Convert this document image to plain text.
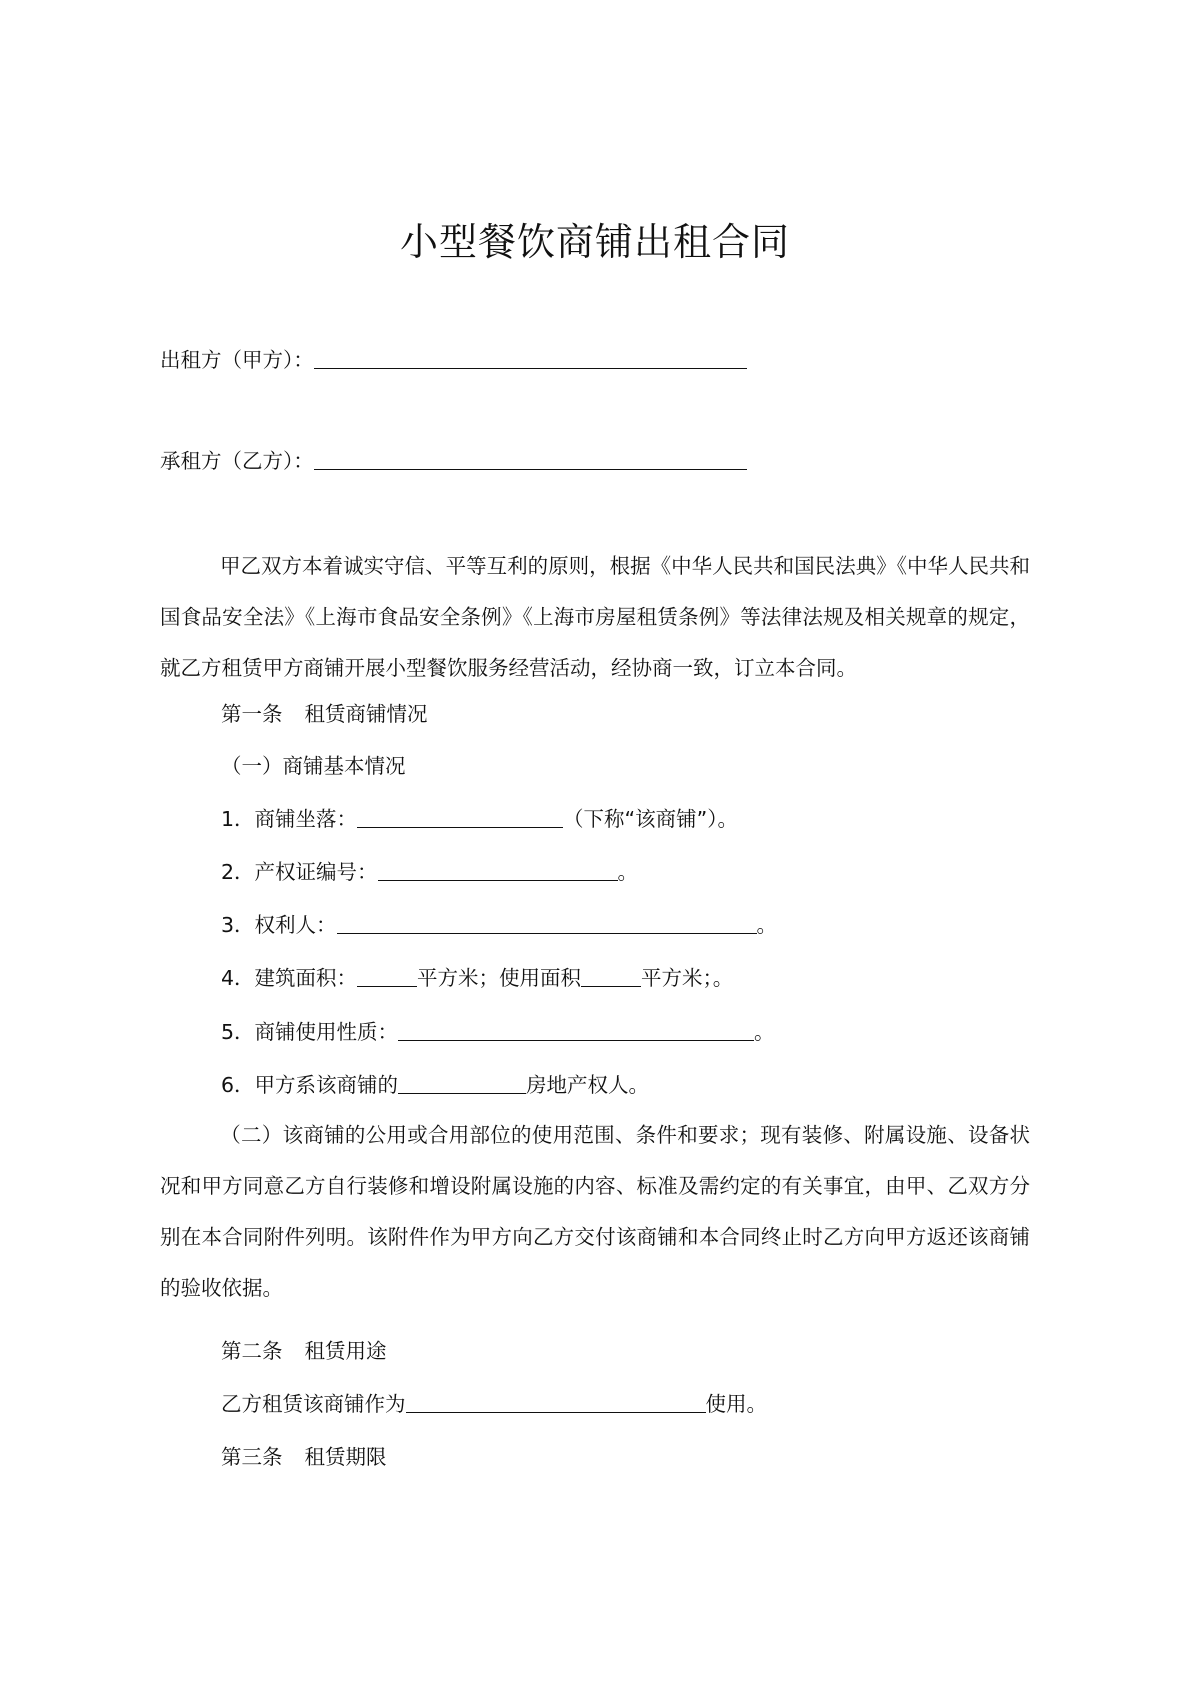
小型餐饮商铺出租合同
出租方（甲方）：
承租方（乙方）：
甲乙双方本着诚实守信、平等互利的原则，根据《中华人民共和国民法典》《中华人民共和国食品安全法》《上海市食品安全条例》《上海市房屋租赁条例》等法律法规及相关规章的规定，就乙方租赁甲方商铺开展小型餐饮服务经营活动，经协商一致，订立本合同。
第一条 租赁商铺情况
（一）商铺基本情况
1．商铺坐落：	（下称“该商铺”）。
2．产权证编号：	。
3．权利人：	。
4．建筑面积：	平方米；使用面积	平方米；。
5．商铺使用性质：	。
6．甲方系该商铺的	房地产权人。
（二）该商铺的公用或合用部位的使用范围、条件和要求；现有装修、附属设施、设备状况和甲方同意乙方自行装修和增设附属设施的内容、标准及需约定的有关事宜，由甲、乙双方分别在本合同附件列明。该附件作为甲方向乙方交付该商铺和本合同终止时乙方向甲方返还该商铺的验收依据。
第二条 租赁用途
乙方租赁该商铺作为	使用。
第三条 租赁期限
